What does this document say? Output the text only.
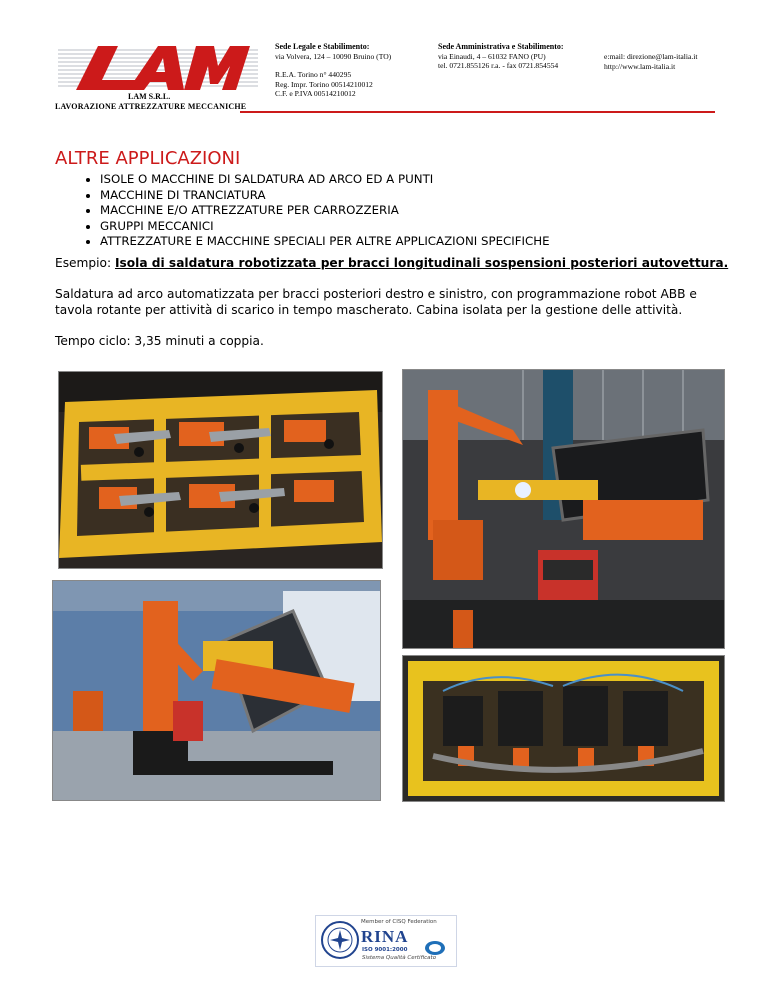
LAM S.R.L.
LAVORAZIONE ATTREZZATURE MECCANICHE
Sede Legale e Stabilimento:
via Volvera, 124 – 10090 Bruino (TO)
R.E.A. Torino n° 440295
Reg. Impr. Torino 00514210012
C.F. e P.IVA 00514210012
Sede Amministrativa e Stabilimento:
via Einaudi, 4 – 61032 FANO (PU)
tel. 0721.855126 r.a. - fax 0721.854554
e:mail: direzione@lam-italia.it
http://www.lam-italia.it
ALTRE APPLICAZIONI
• ISOLE O MACCHINE DI SALDATURA AD ARCO ED A PUNTI
• MACCHINE DI TRANCIATURA
• MACCHINE E/O ATTREZZATURE PER CARROZZERIA
• GRUPPI MECCANICI
• ATTREZZATURE E MACCHINE SPECIALI PER ALTRE APPLICAZIONI SPECIFICHE
Esempio: Isola di saldatura robotizzata per bracci longitudinali sospensioni posteriori autovettura.

Saldatura ad arco automatizzata per bracci posteriori destro e sinistro, con programmazione robot ABB e tavola rotante per attività di scarico in tempo mascherato. Cabina isolata per la gestione delle attività.

Tempo ciclo: 3,35 minuti a coppia.

Member of CISQ Federation
RINA
ISO 9001:2000
Sistema Qualità Certificato
